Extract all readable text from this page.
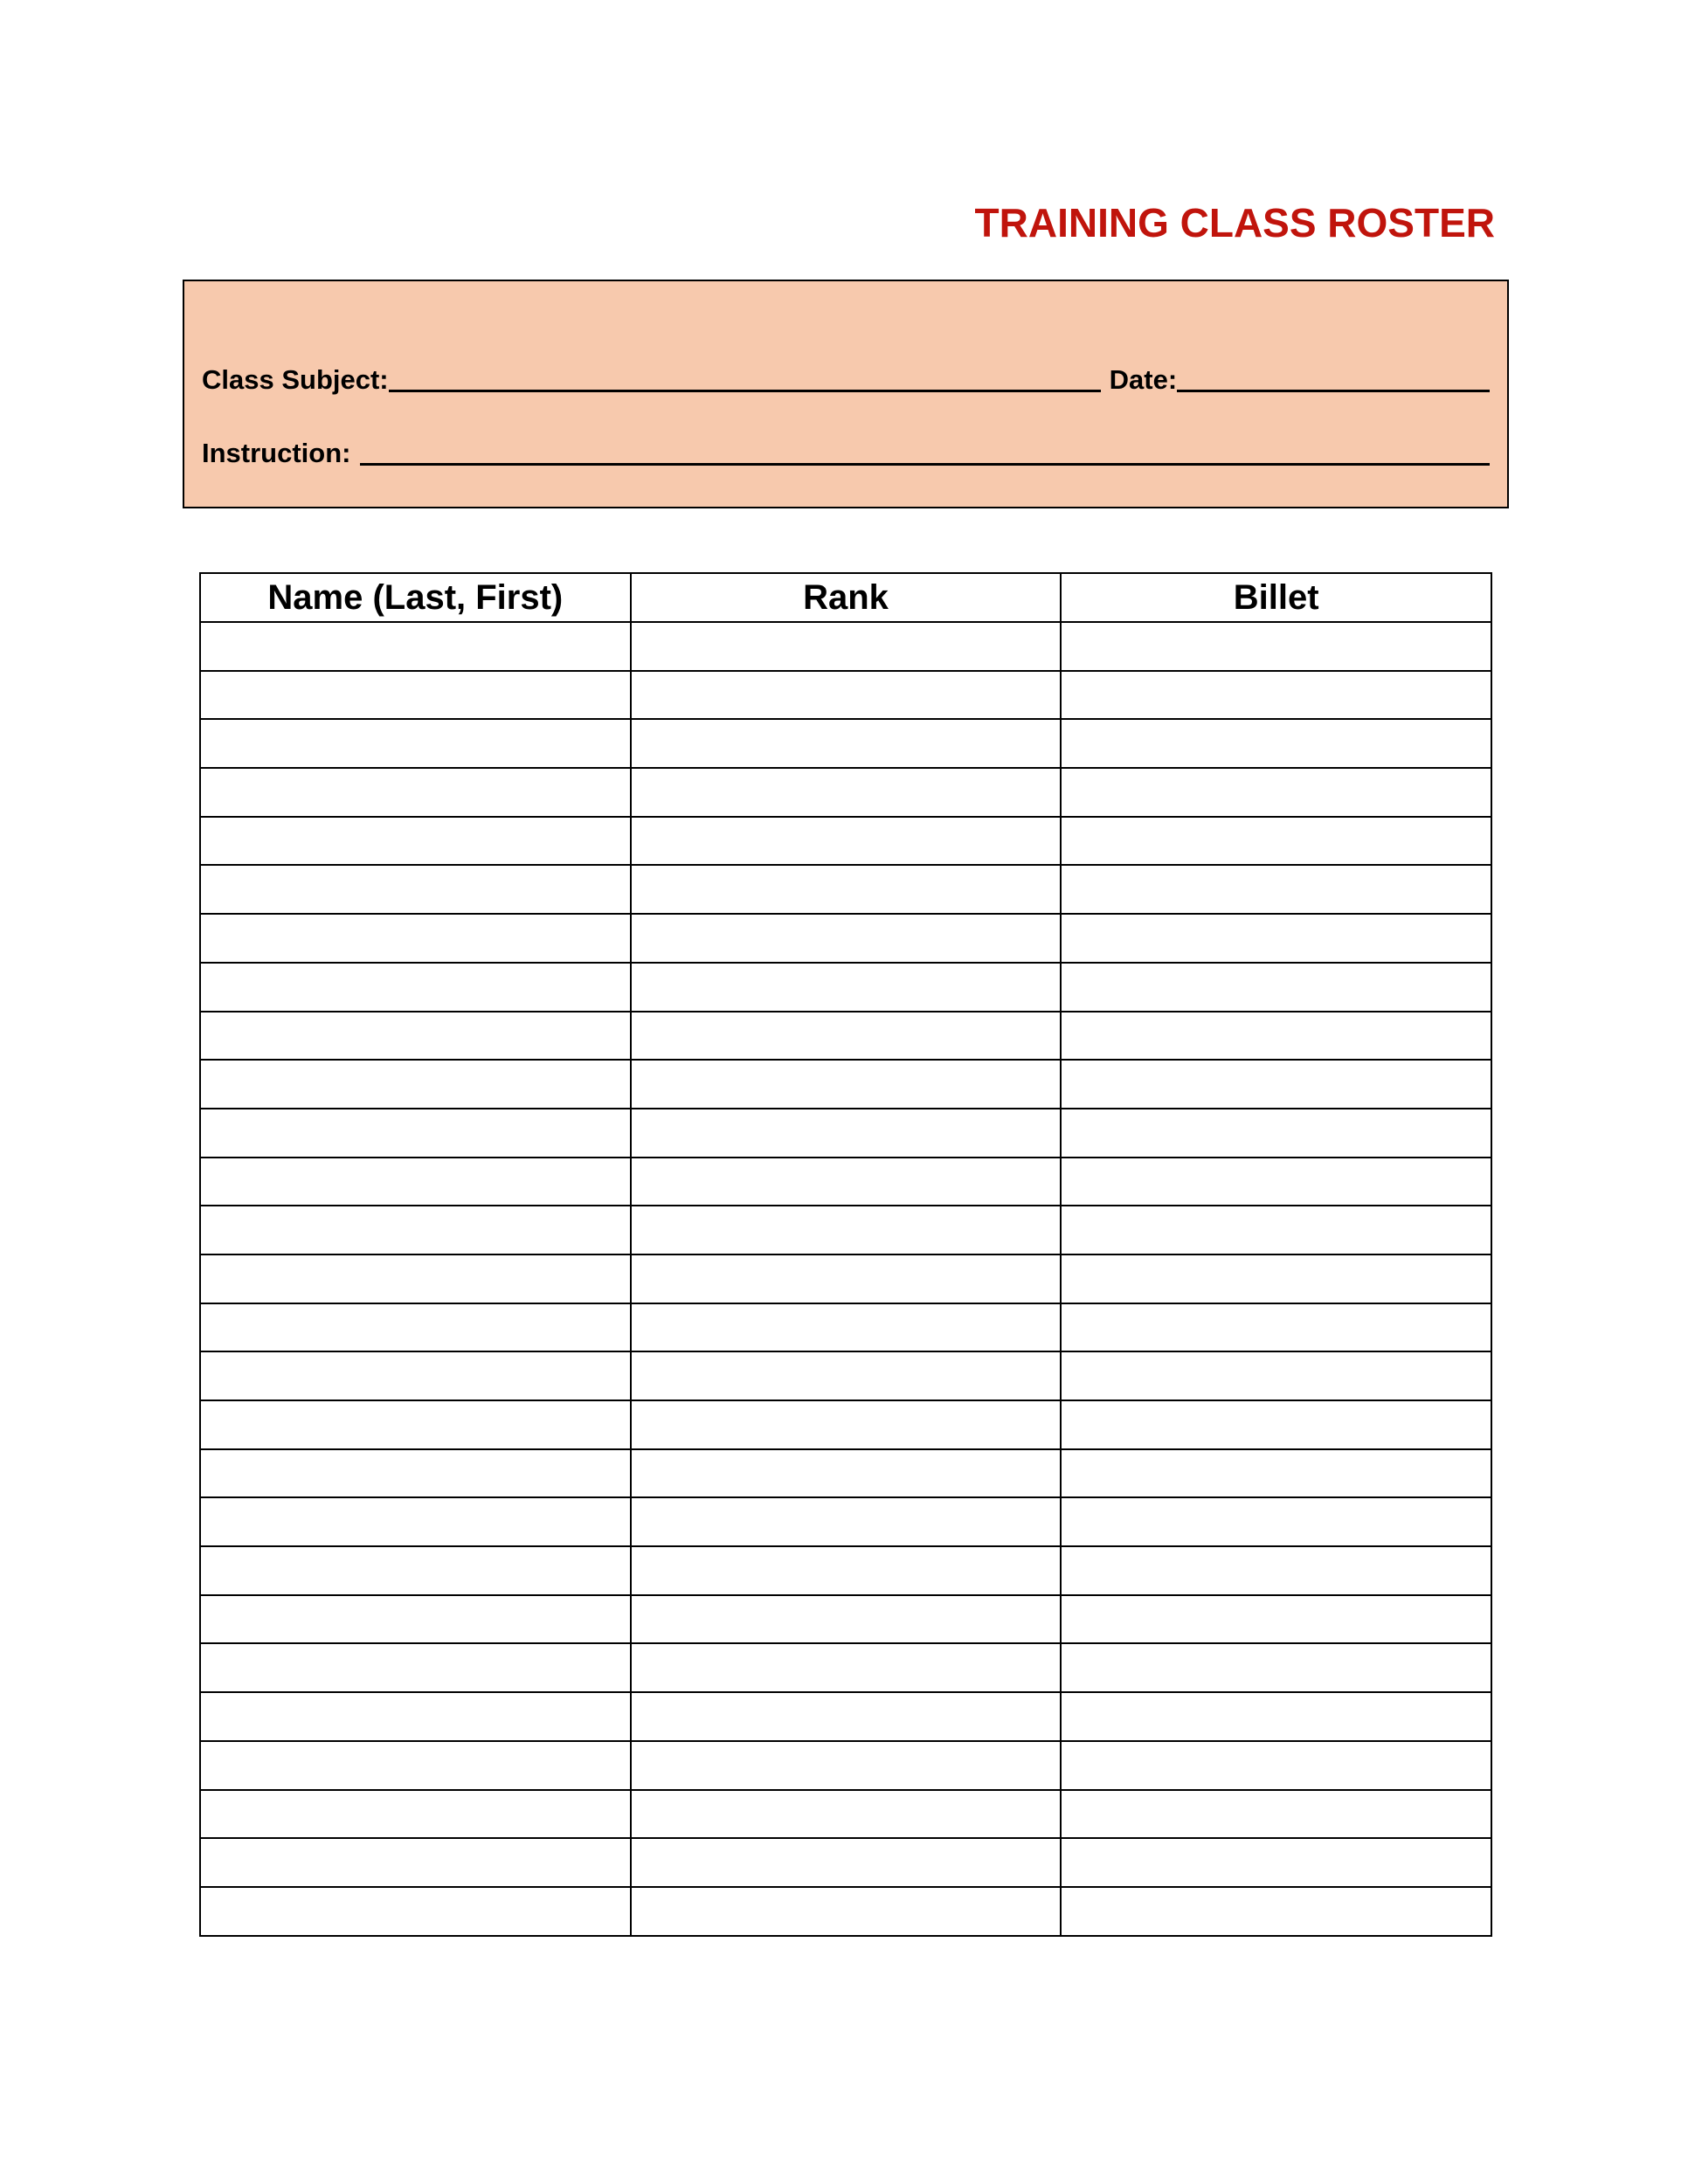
TRAINING CLASS ROSTER
Class Subject:	Date:
Instruction:
Name (Last, First)	Rank	Billet
